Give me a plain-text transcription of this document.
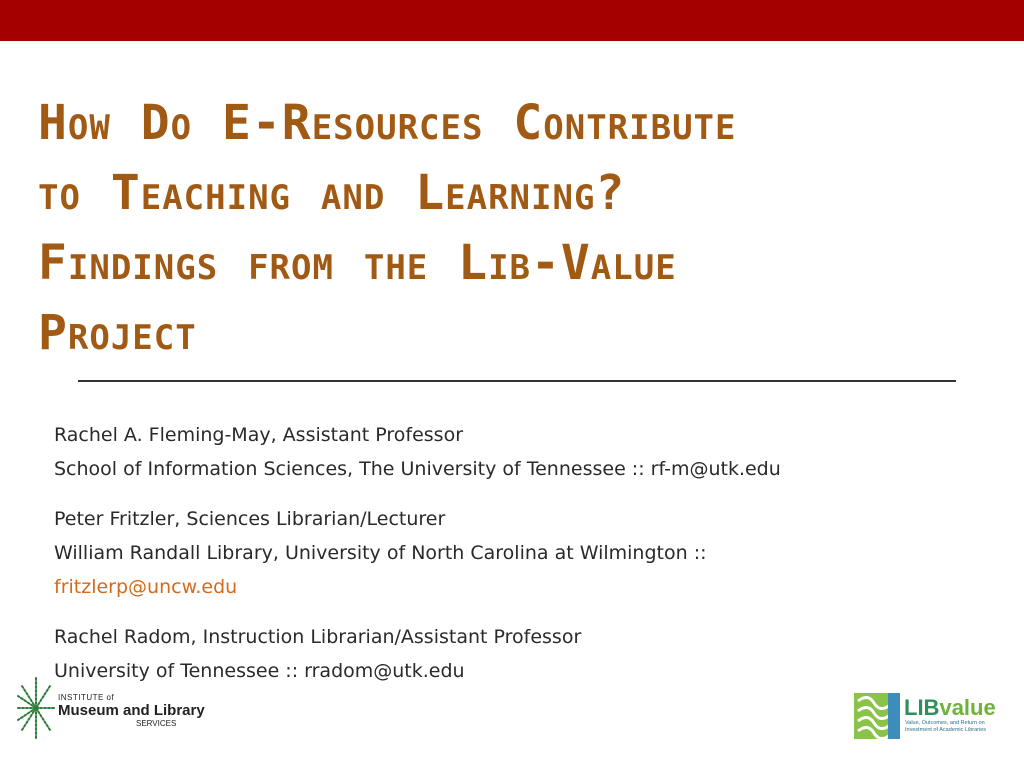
How Do E-Resources Contribute
to Teaching and Learning?
Findings from the Lib-Value
Project
Rachel A. Fleming-May, Assistant Professor
School of Information Sciences, The University of Tennessee :: rf-m@utk.edu
Peter Fritzler, Sciences Librarian/Lecturer
William Randall Library, University of North Carolina at Wilmington ::
fritzlerp@uncw.edu
Rachel Radom, Instruction Librarian/Assistant Professor
University of Tennessee :: rradom@utk.edu
INSTITUTE of
Museum and Library
SERVICES
LIBvalue
Value, Outcomes, and Return on Investment of Academic Libraries
